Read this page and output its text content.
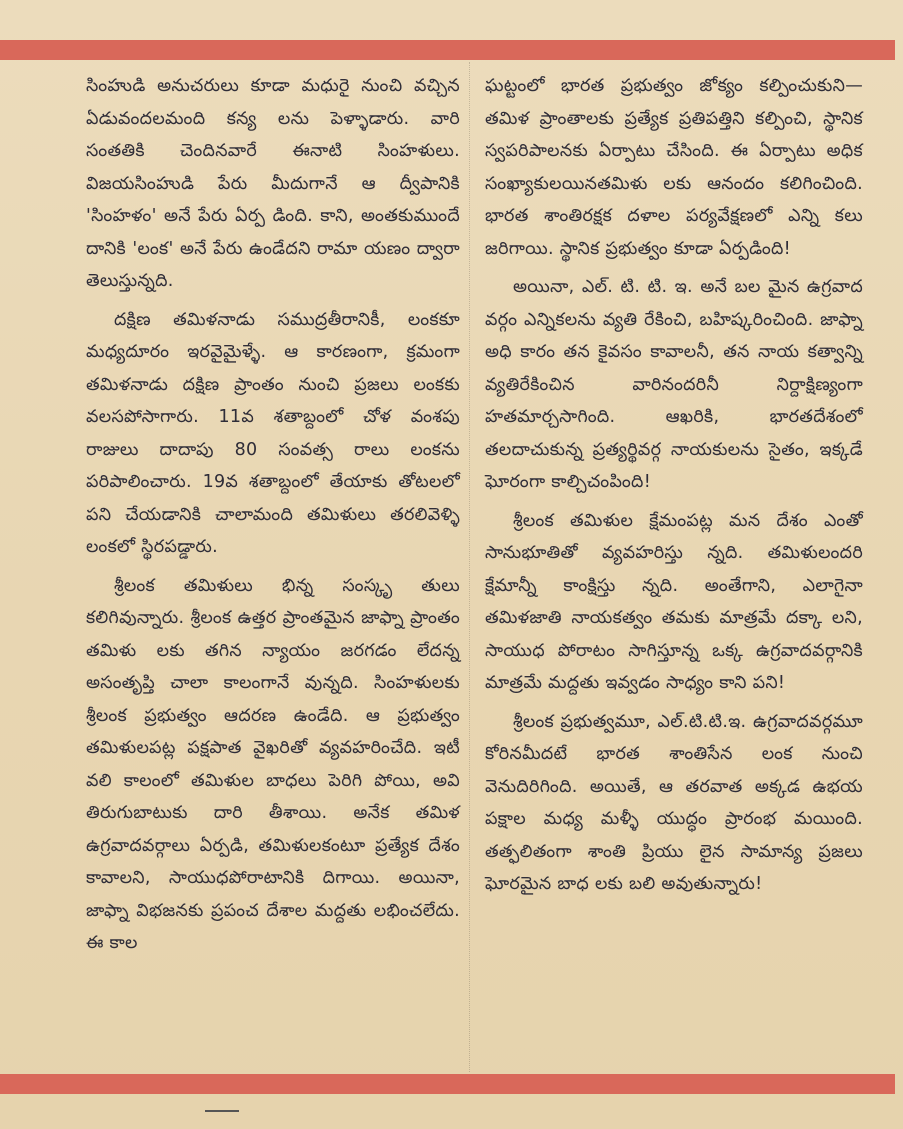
సింహుడి అనుచరులు కూడా మధురై నుంచి వచ్చిన ఏడువందలమంది కన్య లను పెళ్ళాడారు. వారి సంతతికి చెందినవారే ఈనాటి సింహళులు. విజయసింహుడి పేరు మీదుగానే ఆ ద్వీపానికి 'సింహళం' అనే పేరు ఏర్ప డింది. కాని, అంతకుముందే దానికి 'లంక' అనే పేరు ఉండేదని రామా యణం ద్వారా తెలుస్తున్నది.

దక్షిణ తమిళనాడు సముద్రతీరానికీ, లంకకూ మధ్యదూరం ఇరవైమైళ్ళే. ఆ కారణంగా, క్రమంగా తమిళనాడు దక్షిణ ప్రాంతం నుంచి ప్రజలు లంకకు వలసపోసాగారు. 11వ శతాబ్దంలో చోళ వంశపు రాజులు దాదాపు 80 సంవత్స రాలు లంకను పరిపాలించారు. 19వ శతాబ్దంలో తేయాకు తోటలలో పని చేయడానికి చాలామంది తమిళులు తరలివెళ్ళి లంకలో స్థిరపడ్డారు.

శ్రీలంక తమిళులు భిన్న సంస్కృ తులు కలిగివున్నారు. శ్రీలంక ఉత్తర ప్రాంతమైన జాఫ్నా ప్రాంతం తమిళు లకు తగిన న్యాయం జరగడం లేదన్న అసంతృప్తి చాలా కాలంగానే వున్నది. సింహళులకు శ్రీలంక ప్రభుత్వం ఆదరణ ఉండేది. ఆ ప్రభుత్వం తమిళులపట్ల పక్షపాత వైఖరితో వ్యవహరించేది. ఇటీ వలి కాలంలో తమిళుల బాధలు పెరిగి పోయి, అవి తిరుగుబాటుకు దారి తీశాయి. అనేక తమిళ ఉగ్రవాదవర్గాలు ఏర్పడి, తమిళులకంటూ ప్రత్యేక దేశం కావాలని, సాయుధపోరాటానికి దిగాయి. అయినా, జాఫ్నా విభజనకు ప్రపంచ దేశాల మద్దతు లభించలేదు. ఈ కాల

ఘట్టంలో భారత ప్రభుత్వం జోక్యం కల్పించుకుని—తమిళ ప్రాంతాలకు ప్రత్యేక ప్రతిపత్తిని కల్పించి, స్థానిక స్వపరిపాలనకు ఏర్పాటు చేసింది. ఈ ఏర్పాటు అధిక సంఖ్యాకులయినతమిళు లకు ఆనందం కలిగించింది. భారత శాంతిరక్షక దళాల పర్యవేక్షణలో ఎన్ని కలు జరిగాయి. స్థానిక ప్రభుత్వం కూడా ఏర్పడింది!

అయినా, ఎల్. టి. టి. ఇ. అనే బల మైన ఉగ్రవాద వర్గం ఎన్నికలను వ్యతి రేకించి, బహిష్కరించింది. జాఫ్నా అధి కారం తన కైవసం కావాలనీ, తన నాయ కత్వాన్ని వ్యతిరేకించిన వారినందరినీ నిర్దాక్షిణ్యంగా హతమార్చసాగింది. ఆఖరికి, భారతదేశంలో తలదాచుకున్న ప్రత్యర్థివర్గ నాయకులను సైతం, ఇక్కడే ఘోరంగా కాల్చిచంపింది!

శ్రీలంక తమిళుల క్షేమంపట్ల మన దేశం ఎంతో సానుభూతితో వ్యవహరిస్తు న్నది. తమిళులందరి క్షేమాన్నీ కాంక్షిస్తు న్నది. అంతేగాని, ఎలాగైనా తమిళజాతి నాయకత్వం తమకు మాత్రమే దక్కా లని, సాయుధ పోరాటం సాగిస్తూన్న ఒక్క ఉగ్రవాదవర్గానికి మాత్రమే మద్దతు ఇవ్వడం సాధ్యం కాని పని!

శ్రీలంక ప్రభుత్వమూ, ఎల్.టి.టి.ఇ. ఉగ్రవాదవర్గమూ కోరినమీదటే భారత శాంతిసేన లంక నుంచి వెనుదిరిగింది. అయితే, ఆ తరవాత అక్కడ ఉభయ పక్షాల మధ్య మళ్ళీ యుద్ధం ప్రారంభ మయింది. తత్ఫలితంగా శాంతి ప్రియు లైన సామాన్య ప్రజలు ఘోరమైన బాధ లకు బలి అవుతున్నారు!
